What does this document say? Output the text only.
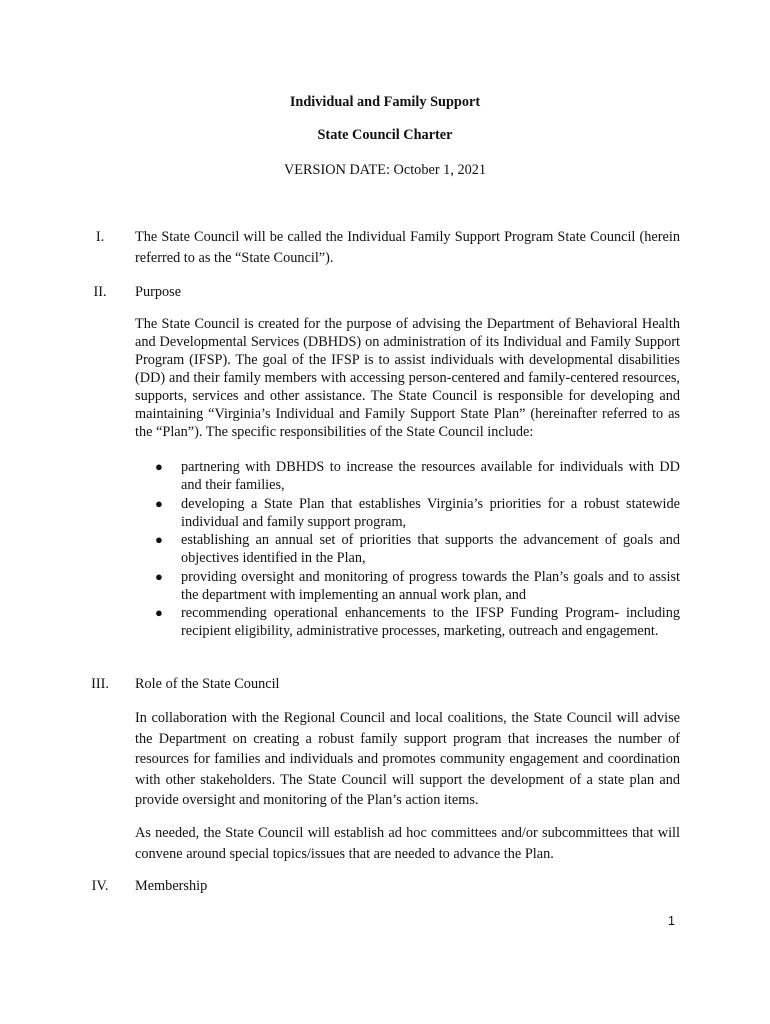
Individual and Family Support
State Council Charter
VERSION DATE: October 1, 2021
I.	The State Council will be called the Individual Family Support Program State Council (herein referred to as the “State Council”).
II.	Purpose
The State Council is created for the purpose of advising the Department of Behavioral Health and Developmental Services (DBHDS) on administration of its Individual and Family Support Program (IFSP). The goal of the IFSP is to assist individuals with developmental disabilities (DD) and their family members with accessing person-centered and family-centered resources, supports, services and other assistance. The State Council is responsible for developing and maintaining “Virginia’s Individual and Family Support State Plan” (hereinafter referred to as the “Plan”). The specific responsibilities of the State Council include:
● partnering with DBHDS to increase the resources available for individuals with DD and their families,
● developing a State Plan that establishes Virginia’s priorities for a robust statewide individual and family support program,
● establishing an annual set of priorities that supports the advancement of goals and objectives identified in the Plan,
● providing oversight and monitoring of progress towards the Plan’s goals and to assist the department with implementing an annual work plan, and
● recommending operational enhancements to the IFSP Funding Program- including recipient eligibility, administrative processes, marketing, outreach and engagement.
III.	Role of the State Council
In collaboration with the Regional Council and local coalitions, the State Council will advise the Department on creating a robust family support program that increases the number of resources for families and individuals and promotes community engagement and coordination with other stakeholders. The State Council will support the development of a state plan and provide oversight and monitoring of the Plan’s action items.
As needed, the State Council will establish ad hoc committees and/or subcommittees that will convene around special topics/issues that are needed to advance the Plan.
IV.	Membership
1
